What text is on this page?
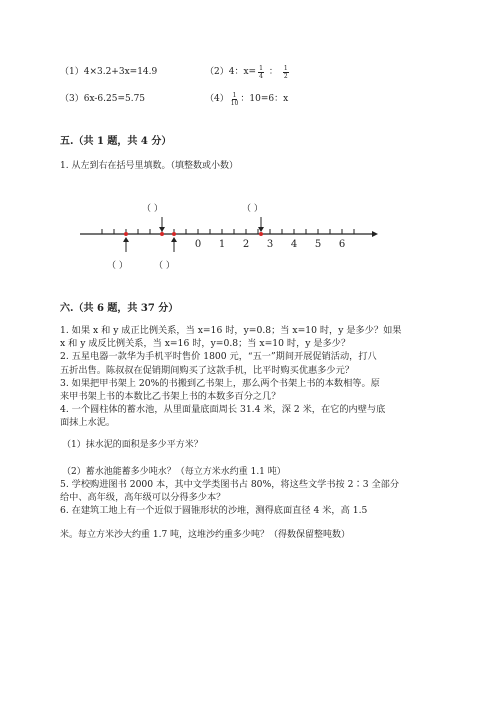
（1）4×3.2+3x=14.9	（2）4：$x= \frac{1}{4}$ ： $\frac{1}{2}$
（3）6x-6.25=5.75	$(4) \frac{1}{10}$ ：10=6：x
五.（共 1 题，共 4 分）
1. 从左到右在括号里填数。（填整数或小数）
（ ）	（ ）
0 1 2 3 4 5 6
（ ）	（ ）
六.（共 6 题，共 37 分）

1. 如果 x 和 y 成正比例关系，当 x=16 时，y=0.8；当 x=10 时，y 是多少？如果

x 和 y 成反比例关系，当 x=16 时，y=0.8；当 x=10 时，y 是多少？

2. 五星电器一款华为手机平时售价 1800 元，“五一”期间开展促销活动，打八

五折出售。陈叔叔在促销期间购买了这款手机，比平时购买优惠多少元？

3. 如果把甲书架上 20%的书搬到乙书架上，那么两个书架上书的本数相等。原

来甲书架上书的本数比乙书架上书的本数多百分之几？

4. 一个圆柱体的蓄水池，从里面量底面周长 31.4 米，深 2 米，在它的内壁与底

面抹上水泥。

（1）抹水泥的面积是多少平方米？
（2）蓄水池能蓄多少吨水？（每立方米水约重 1.1 吨）

5. 学校购进图书 2000 本，其中文学类图书占 80%，将这些文学书按 2∶3 全部分

给中、高年级，高年级可以分得多少本？

6. 在建筑工地上有一个近似于圆锥形状的沙堆，测得底面直径 4 米，高 1.5

米。每立方米沙大约重 1.7 吨，这堆沙约重多少吨？（得数保留整吨数）
